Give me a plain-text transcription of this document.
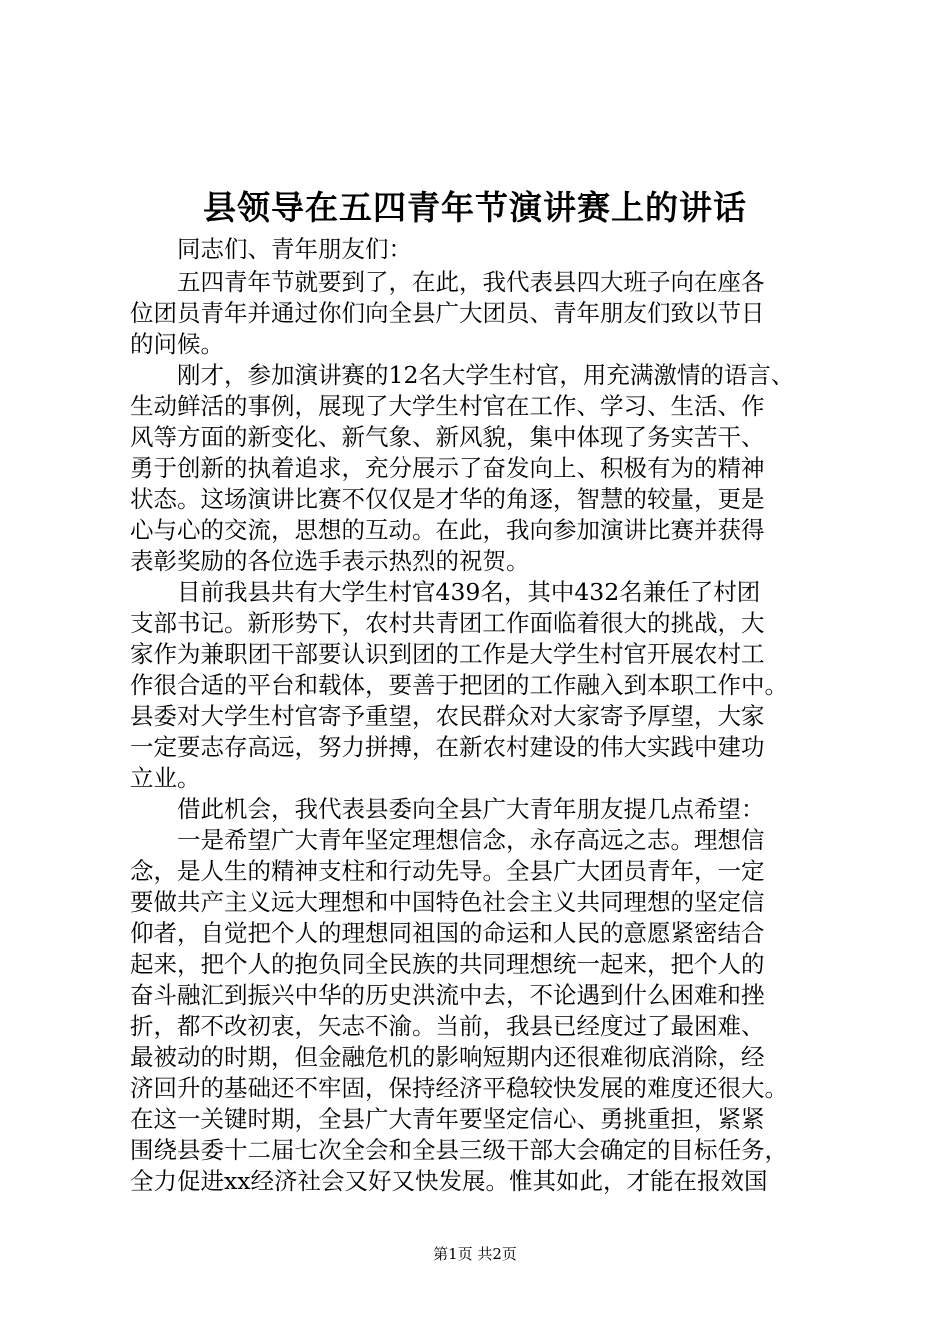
县领导在五四青年节演讲赛上的讲话
　　同志们、青年朋友们：
　　五四青年节就要到了，在此，我代表县四大班子向在座各
位团员青年并通过你们向全县广大团员、青年朋友们致以节日
的问候。
　　刚才，参加演讲赛的12名大学生村官，用充满激情的语言、
生动鲜活的事例，展现了大学生村官在工作、学习、生活、作
风等方面的新变化、新气象、新风貌，集中体现了务实苦干、
勇于创新的执着追求，充分展示了奋发向上、积极有为的精神
状态。这场演讲比赛不仅仅是才华的角逐，智慧的较量，更是
心与心的交流，思想的互动。在此，我向参加演讲比赛并获得
表彰奖励的各位选手表示热烈的祝贺。
　　目前我县共有大学生村官439名，其中432名兼任了村团
支部书记。新形势下，农村共青团工作面临着很大的挑战，大
家作为兼职团干部要认识到团的工作是大学生村官开展农村工
作很合适的平台和载体，要善于把团的工作融入到本职工作中。
县委对大学生村官寄予重望，农民群众对大家寄予厚望，大家
一定要志存高远，努力拼搏，在新农村建设的伟大实践中建功
立业。
　　借此机会，我代表县委向全县广大青年朋友提几点希望：
　　一是希望广大青年坚定理想信念，永存高远之志。理想信
念，是人生的精神支柱和行动先导。全县广大团员青年，一定
要做共产主义远大理想和中国特色社会主义共同理想的坚定信
仰者，自觉把个人的理想同祖国的命运和人民的意愿紧密结合
起来，把个人的抱负同全民族的共同理想统一起来，把个人的
奋斗融汇到振兴中华的历史洪流中去，不论遇到什么困难和挫
折，都不改初衷，矢志不渝。当前，我县已经度过了最困难、
最被动的时期，但金融危机的影响短期内还很难彻底消除，经
济回升的基础还不牢固，保持经济平稳较快发展的难度还很大。
在这一关键时期，全县广大青年要坚定信心、勇挑重担，紧紧
围绕县委十二届七次全会和全县三级干部大会确定的目标任务，
全力促进xx经济社会又好又快发展。惟其如此，才能在报效国
第1页 共2页
